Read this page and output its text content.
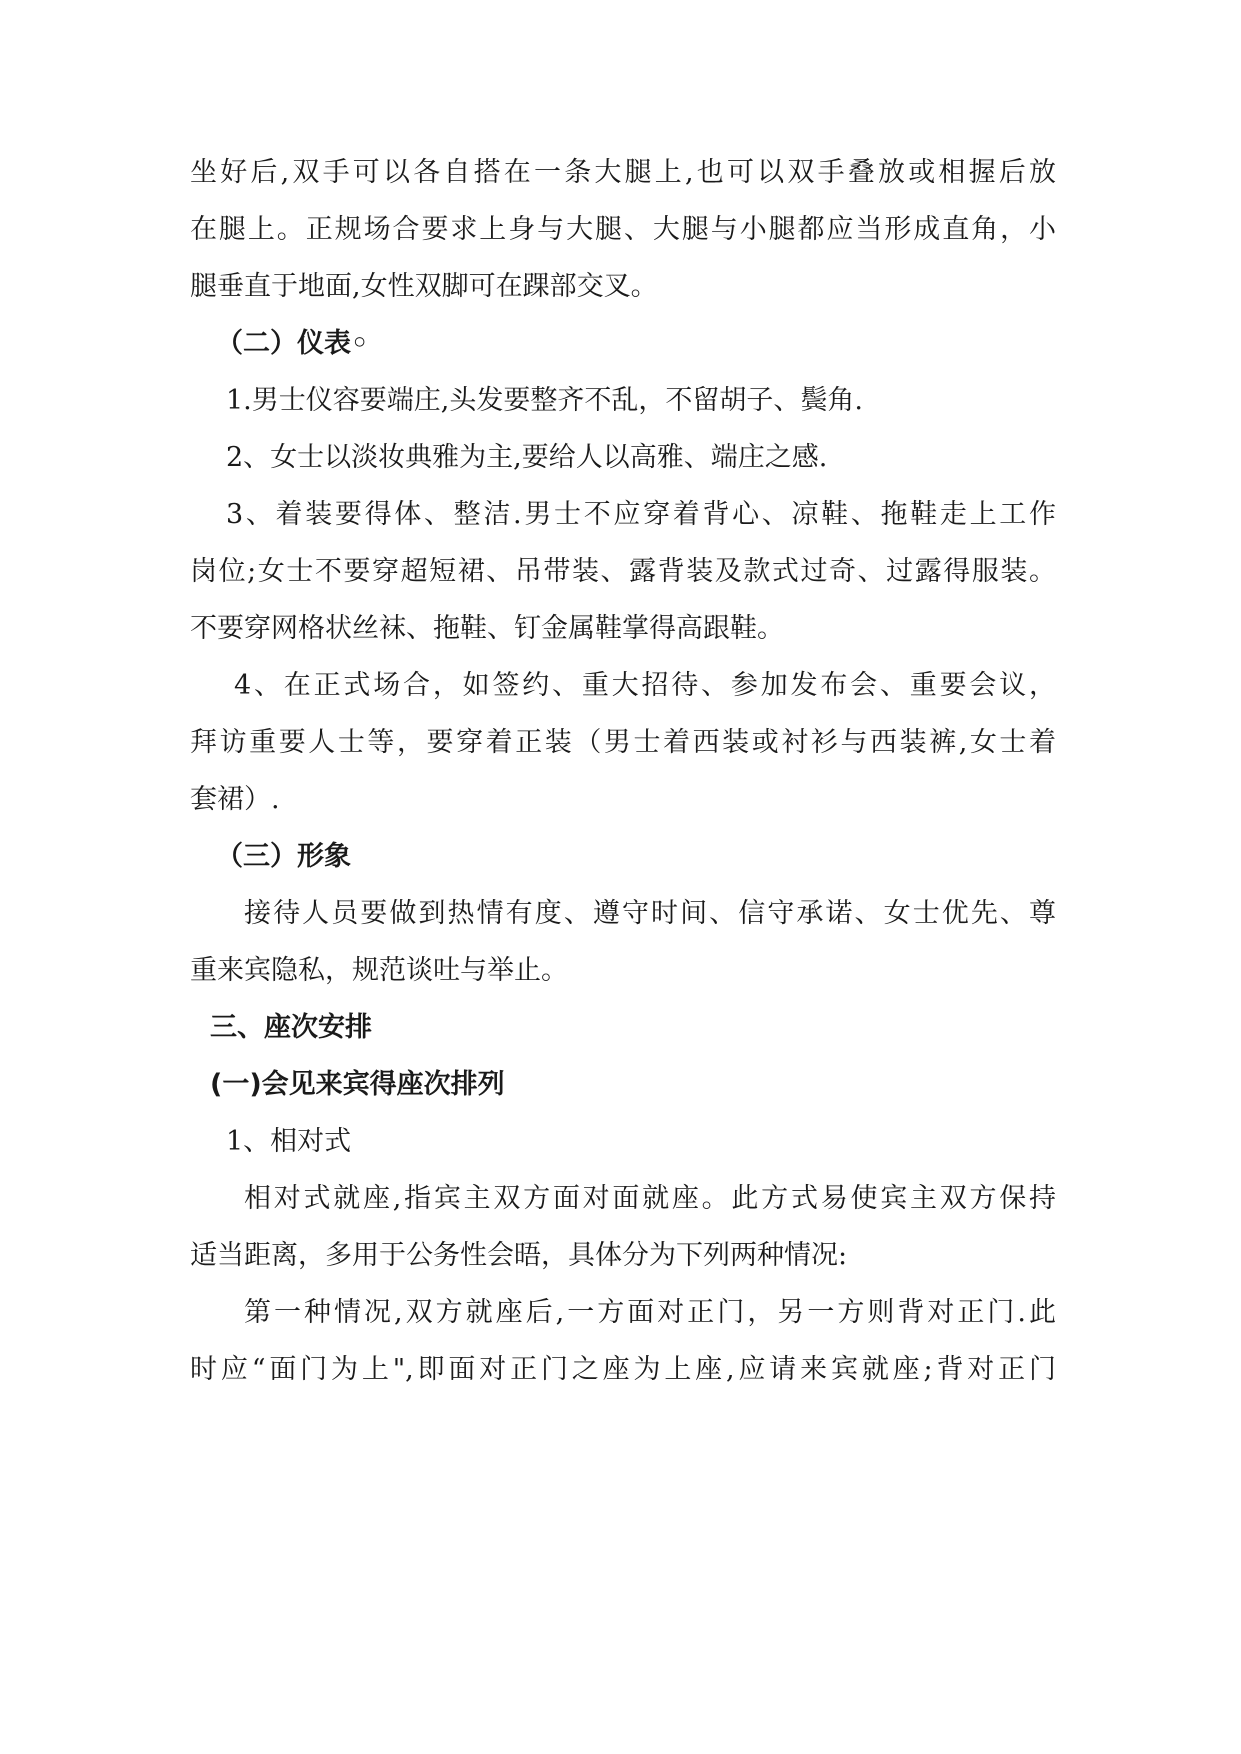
坐好后,双手可以各自搭在一条大腿上,也可以双手叠放或相握后放
在腿上。正规场合要求上身与大腿、大腿与小腿都应当形成直角，小
腿垂直于地面,女性双脚可在踝部交叉。
（二）仪表◦
1.男士仪容要端庄,头发要整齐不乱，不留胡子、鬓角.
2、女士以淡妆典雅为主,要给人以高雅、端庄之感.
3、着装要得体、整洁.男士不应穿着背心、凉鞋、拖鞋走上工作
岗位;女士不要穿超短裙、吊带装、露背装及款式过奇、过露得服装。
不要穿网格状丝袜、拖鞋、钉金属鞋掌得高跟鞋。
4、在正式场合，如签约、重大招待、参加发布会、重要会议，
拜访重要人士等，要穿着正装（男士着西装或衬衫与西装裤,女士着
套裙）.
（三）形象
接待人员要做到热情有度、遵守时间、信守承诺、女士优先、尊
重来宾隐私，规范谈吐与举止。
三、座次安排
(一)会见来宾得座次排列
1、相对式
相对式就座,指宾主双方面对面就座。此方式易使宾主双方保持
适当距离，多用于公务性会晤，具体分为下列两种情况:
第一种情况,双方就座后,一方面对正门，另一方则背对正门.此
时应“面门为上",即面对正门之座为上座,应请来宾就座;背对正门
